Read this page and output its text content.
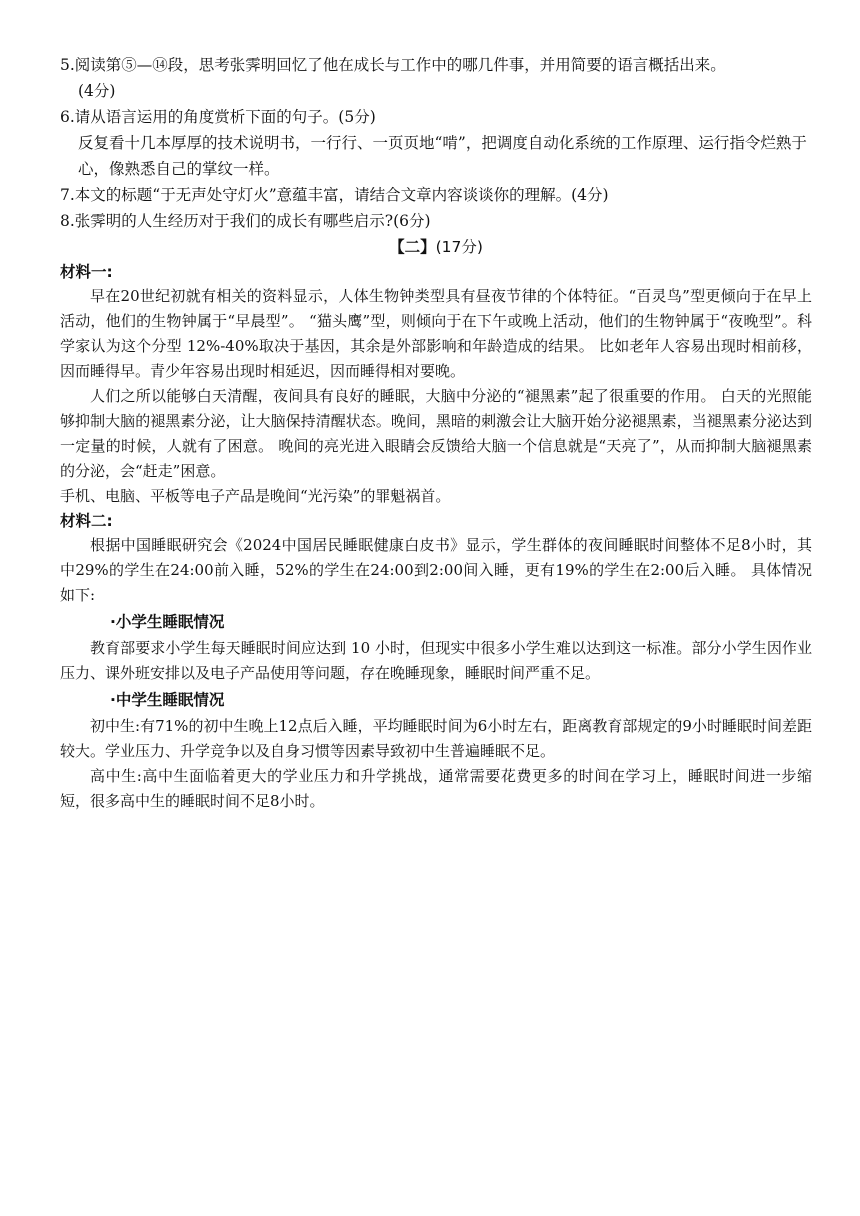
5.阅读第⑤—⑭段，思考张霁明回忆了他在成长与工作中的哪几件事，并用简要的语言概括出来。
(4分)
6.请从语言运用的角度赏析下面的句子。(5分)
反复看十几本厚厚的技术说明书，一行行、一页页地“啃”，把调度自动化系统的工作原理、运行指令烂熟于心，像熟悉自己的掌纹一样。
7.本文的标题“于无声处守灯火”意蕴丰富，请结合文章内容谈谈你的理解。(4分)
8.张霁明的人生经历对于我们的成长有哪些启示?(6分)
【二】(17分)
材料一:
早在20世纪初就有相关的资料显示，人体生物钟类型具有昼夜节律的个体特征。“百灵鸟”型更倾向于在早上活动，他们的生物钟属于“早晨型”。 “猫头鹰”型，则倾向于在下午或晚上活动，他们的生物钟属于“夜晚型”。科学家认为这个分型 12%-40%取决于基因，其余是外部影响和年龄造成的结果。 比如老年人容易出现时相前移，因而睡得早。青少年容易出现时相延迟，因而睡得相对要晚。
人们之所以能够白天清醒，夜间具有良好的睡眠，大脑中分泌的“褪黑素”起了很重要的作用。 白天的光照能够抑制大脑的褪黑素分泌，让大脑保持清醒状态。晚间，黑暗的刺激会让大脑开始分泌褪黑素，当褪黑素分泌达到一定量的时候，人就有了困意。 晚间的亮光进入眼睛会反馈给大脑一个信息就是“天亮了”，从而抑制大脑褪黑素的分泌，会“赶走”困意。
手机、电脑、平板等电子产品是晚间“光污染”的罪魁祸首。
材料二:
根据中国睡眠研究会《2024中国居民睡眠健康白皮书》显示，学生群体的夜间睡眠时间整体不足8小时，其中29%的学生在24:00前入睡，52%的学生在24:00到2:00间入睡，更有19%的学生在2:00后入睡。 具体情况如下:
·小学生睡眠情况
教育部要求小学生每天睡眠时间应达到 10 小时，但现实中很多小学生难以达到这一标准。部分小学生因作业压力、课外班安排以及电子产品使用等问题，存在晚睡现象，睡眠时间严重不足。
·中学生睡眠情况
初中生:有71%的初中生晚上12点后入睡，平均睡眠时间为6小时左右，距离教育部规定的9小时睡眠时间差距较大。学业压力、升学竞争以及自身习惯等因素导致初中生普遍睡眠不足。
高中生:高中生面临着更大的学业压力和升学挑战，通常需要花费更多的时间在学习上，睡眠时间进一步缩短，很多高中生的睡眠时间不足8小时。
